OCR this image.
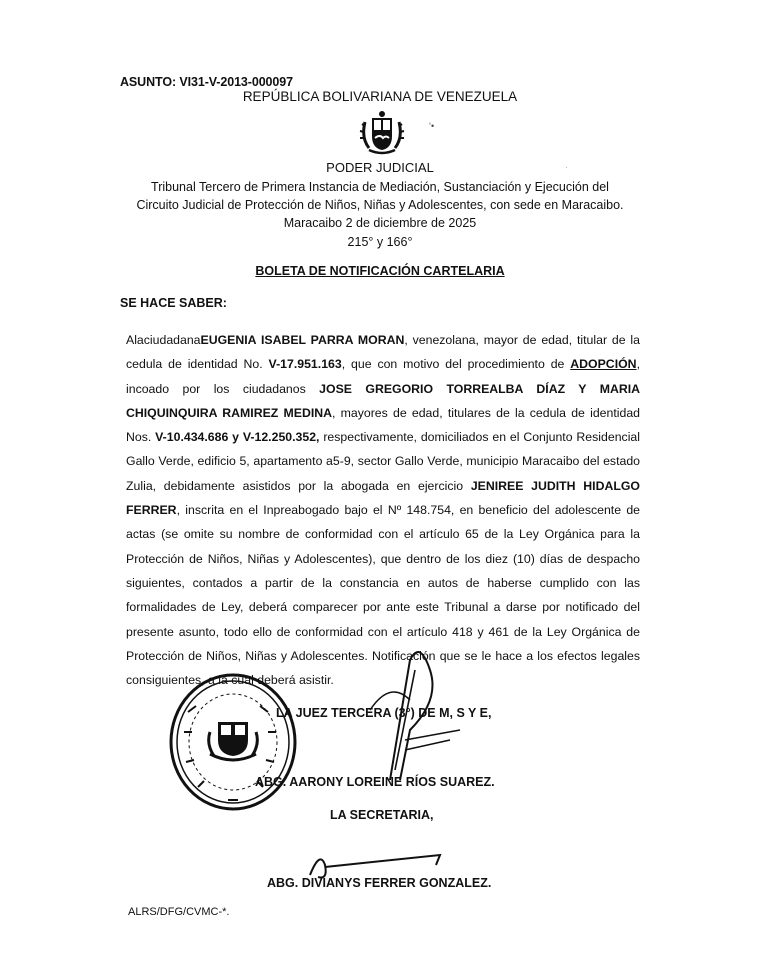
ASUNTO: VI31-V-2013-000097
REPÚBLICA BOLIVARIANA DE VENEZUELA
ʻ•
·
PODER JUDICIAL
Tribunal Tercero de Primera Instancia de Mediación, Sustanciación y Ejecución del
Circuito Judicial de Protección de Niños, Niñas y Adolescentes, con sede en Maracaibo.
Maracaibo 2 de diciembre de 2025
215° y 166°
BOLETA DE NOTIFICACIÓN CARTELARIA
SE HACE SABER:
AlaciudadanaEUGENIA ISABEL PARRA MORAN, venezolana, mayor de edad, titular de la cedula de identidad No. V-17.951.163, que con motivo del procedimiento de ADOPCIÓN, incoado por los ciudadanos JOSE GREGORIO TORREALBA DÍAZ Y MARIA CHIQUINQUIRA RAMIREZ MEDINA, mayores de edad, titulares de la cedula de identidad Nos. V-10.434.686 y V-12.250.352, respectivamente, domiciliados en el Conjunto Residencial Gallo Verde, edificio 5, apartamento a5-9, sector Gallo Verde, municipio Maracaibo del estado Zulia, debidamente asistidos por la abogada en ejercicio JENIREE JUDITH HIDALGO FERRER, inscrita en el Inpreabogado bajo el Nº 148.754, en beneficio del adolescente de actas (se omite su nombre de conformidad con el artículo 65 de la Ley Orgánica para la Protección de Niños, Niñas y Adolescentes), que dentro de los diez (10) días de despacho siguientes, contados a partir de la constancia en autos de haberse cumplido con las formalidades de Ley, deberá comparecer por ante este Tribunal a darse por notificado del presente asunto, todo ello de conformidad con el artículo 418 y 461 de la Ley Orgánica de Protección de Niños, Niñas y Adolescentes. Notificación que se le hace a los efectos legales consiguientes, a la cual deberá asistir.
LA JUEZ TERCERA (3°) DE M, S Y E,
ABG. AARONY LOREINE RÍOS SUAREZ.
LA SECRETARIA,
ABG. DIVIANYS FERRER GONZALEZ.
ALRS/DFG/CVMC-*.
